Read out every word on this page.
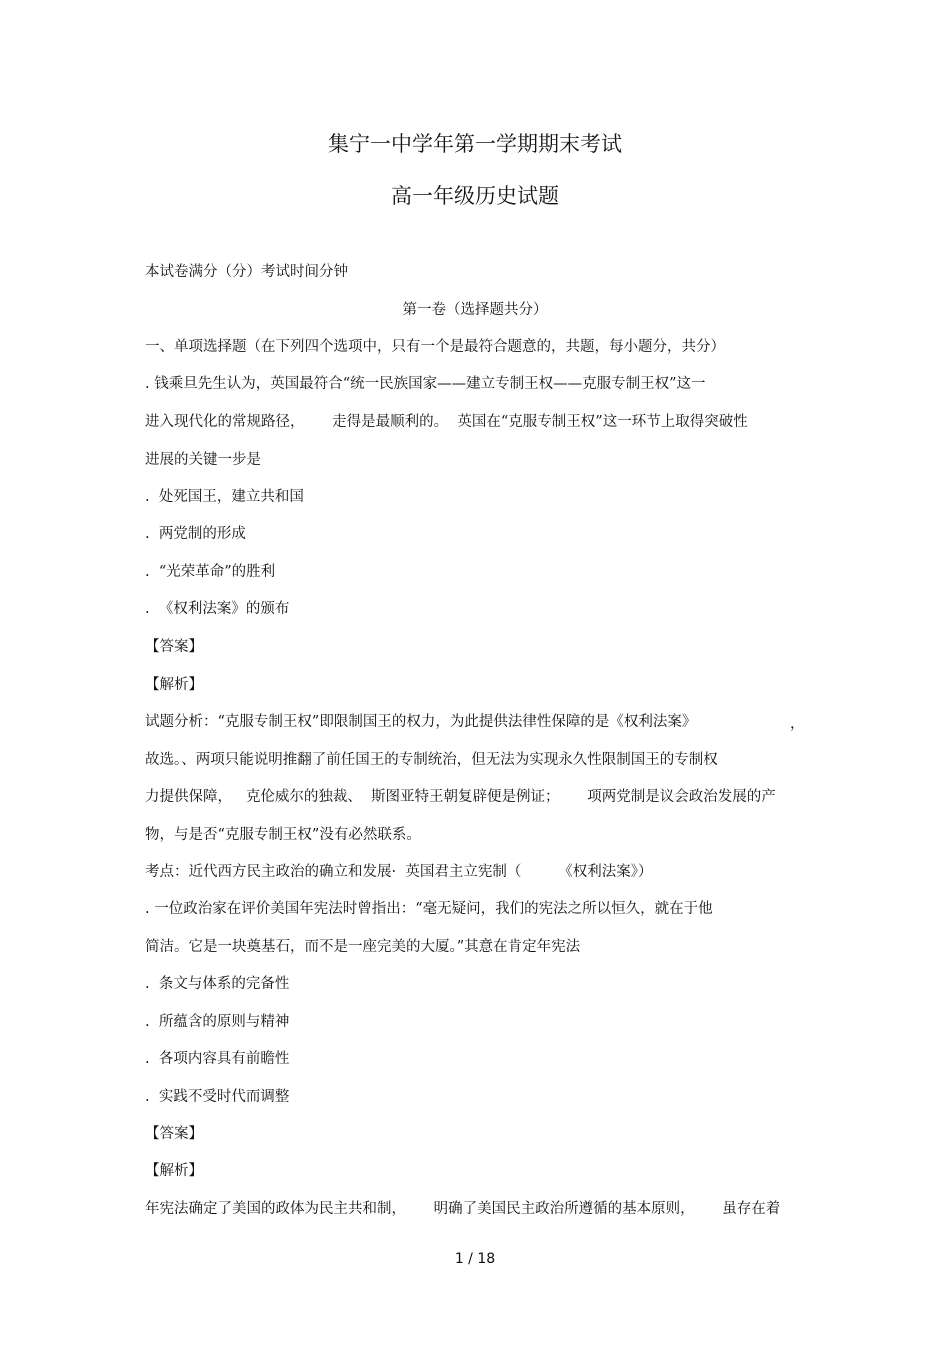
集宁一中学年第一学期期末考试
高一年级历史试题
本试卷满分（分）考试时间分钟
第一卷（选择题共分）
一、单项选择题（在下列四个选项中，只有一个是最符合题意的，共题，每小题分，共分）
. 钱乘旦先生认为，英国最符合“统一民族国家——建立专制王权——克服专制王权”这一
进入现代化的常规路径，      走得是最顺利的。  英国在“克服专制王权”这一环节上取得突破性
进展的关键一步是
.  处死国王，建立共和国
.  两党制的形成
.  “光荣革命”的胜利
.  《权利法案》的颁布
【答案】
【解析】
试题分析：“克服专制王权”即限制国王的权力，为此提供法律性保障的是《权利法案》	，
故选。、两项只能说明推翻了前任国王的专制统治，但无法为实现永久性限制国王的专制权
力提供保障，   克伦威尔的独裁、  斯图亚特王朝复辟便是例证；      项两党制是议会政治发展的产
物，与是否“克服专制王权”没有必然联系。
考点：近代西方民主政治的确立和发展·  英国君主立宪制（        《权利法案》）
. 一位政治家在评价美国年宪法时曾指出：“毫无疑问，我们的宪法之所以恒久，就在于他
简洁。它是一块奠基石，而不是一座完美的大厦。”其意在肯定年宪法
.  条文与体系的完备性
.  所蕴含的原则与精神
.  各项内容具有前瞻性
.  实践不受时代而调整
【答案】
【解析】
年宪法确定了美国的政体为民主共和制，      明确了美国民主政治所遵循的基本原则，      虽存在着
1 / 18
